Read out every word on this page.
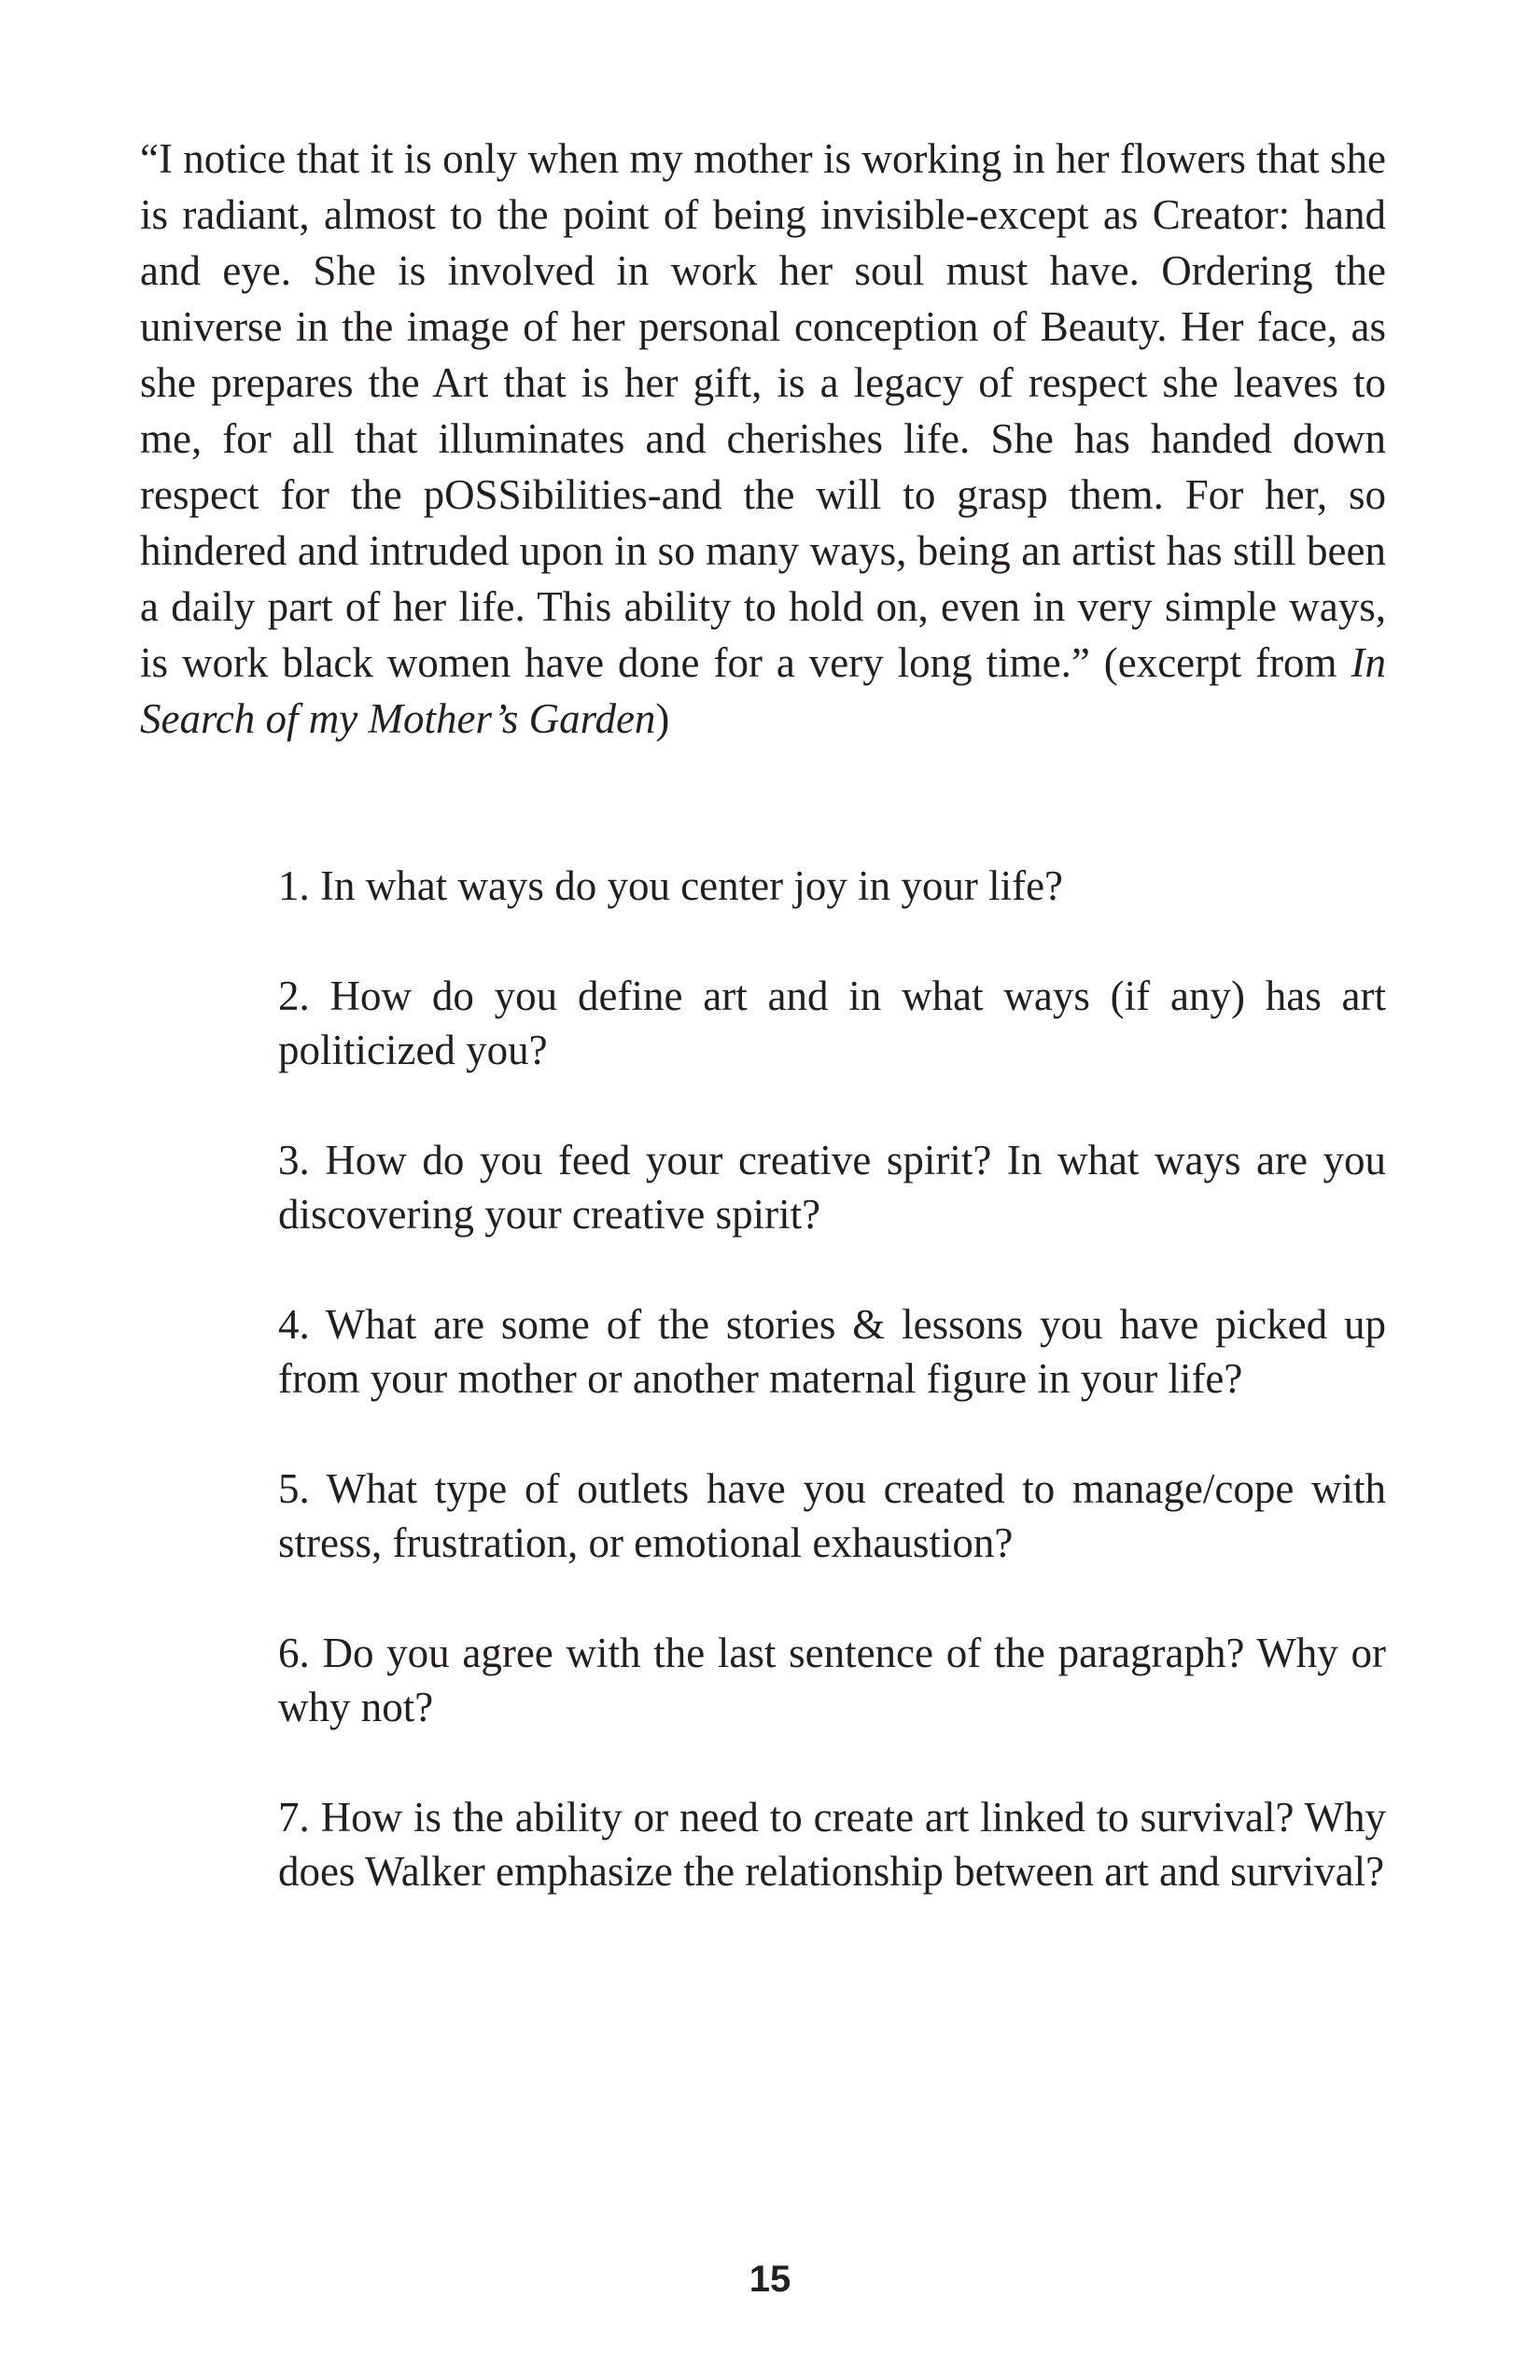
“I notice that it is only when my mother is working in her flowers that she is radiant, almost to the point of being invisible-except as Creator: hand and eye. She is involved in work her soul must have. Ordering the universe in the image of her personal conception of Beauty. Her face, as she prepares the Art that is her gift, is a legacy of respect she leaves to me, for all that illuminates and cherishes life. She has handed down respect for the pOSSibilities-and the will to grasp them. For her, so hindered and intruded upon in so many ways, being an artist has still been a daily part of her life. This ability to hold on, even in very simple ways, is work black women have done for a very long time.” (excerpt from In Search of my Mother’s Garden)

1. In what ways do you center joy in your life?
2. How do you define art and in what ways (if any) has art politicized you?
3. How do you feed your creative spirit? In what ways are you discovering your creative spirit?
4. What are some of the stories & lessons you have picked up from your mother or another maternal figure in your life?
5. What type of outlets have you created to manage/cope with stress, frustration, or emotional exhaustion?
6. Do you agree with the last sentence of the paragraph? Why or why not?
7. How is the ability or need to create art linked to survival? Why does Walker emphasize the relationship between art and survival?
15
